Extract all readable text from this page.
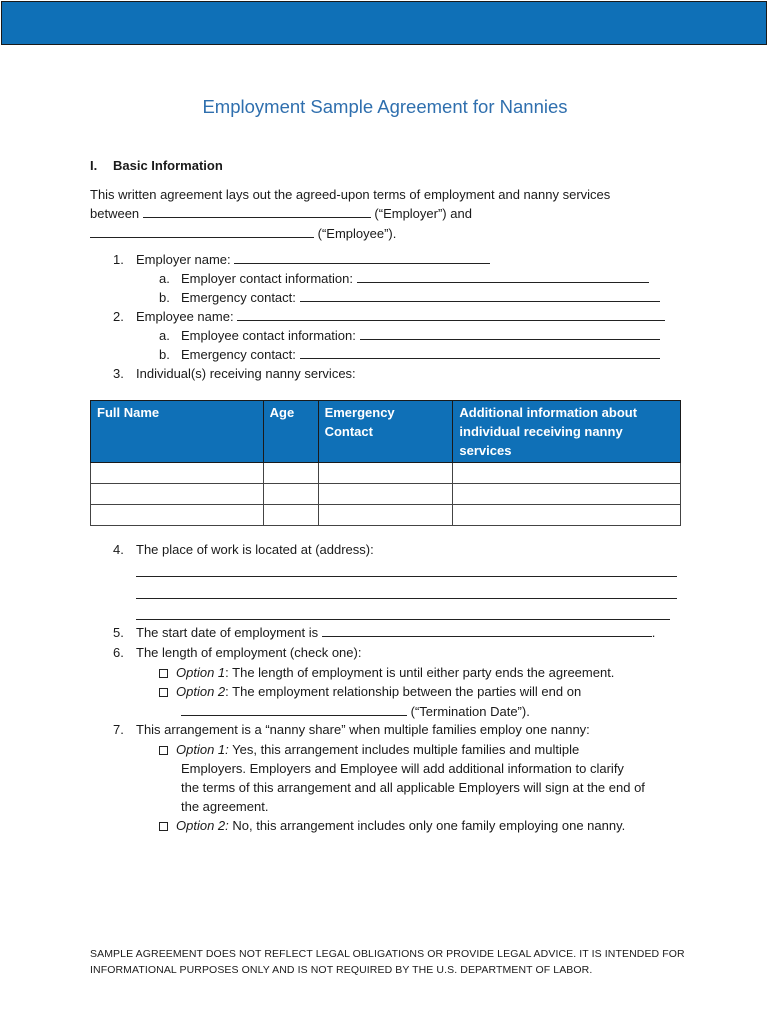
Employment Sample Agreement for Nannies
I. Basic Information
This written agreement lays out the agreed-upon terms of employment and nanny services
between	(“Employer”) and
(“Employee”).
1. Employer name:
a. Employer contact information:
b. Emergency contact:
2. Employee name:
a. Employee contact information:
b. Emergency contact:
3. Individual(s) receiving nanny services:
Full Name	Age	Emergency Contact	Additional information about
individual receiving nanny
services

4. The place of work is located at (address):
5. The start date of employment is	.
6. The length of employment (check one):
Option 1: The length of employment is until either party ends the agreement.
Option 2: The employment relationship between the parties will end on
(“Termination Date”).
7. This arrangement is a “nanny share” when multiple families employ one nanny:
Option 1: Yes, this arrangement includes multiple families and multiple
Employers. Employers and Employee will add additional information to clarify
the terms of this arrangement and all applicable Employers will sign at the end of
the agreement.
Option 2: No, this arrangement includes only one family employing one nanny.
SAMPLE AGREEMENT DOES NOT REFLECT LEGAL OBLIGATIONS OR PROVIDE LEGAL ADVICE. IT IS INTENDED FOR
INFORMATIONAL PURPOSES ONLY AND IS NOT REQUIRED BY THE U.S. DEPARTMENT OF LABOR.
